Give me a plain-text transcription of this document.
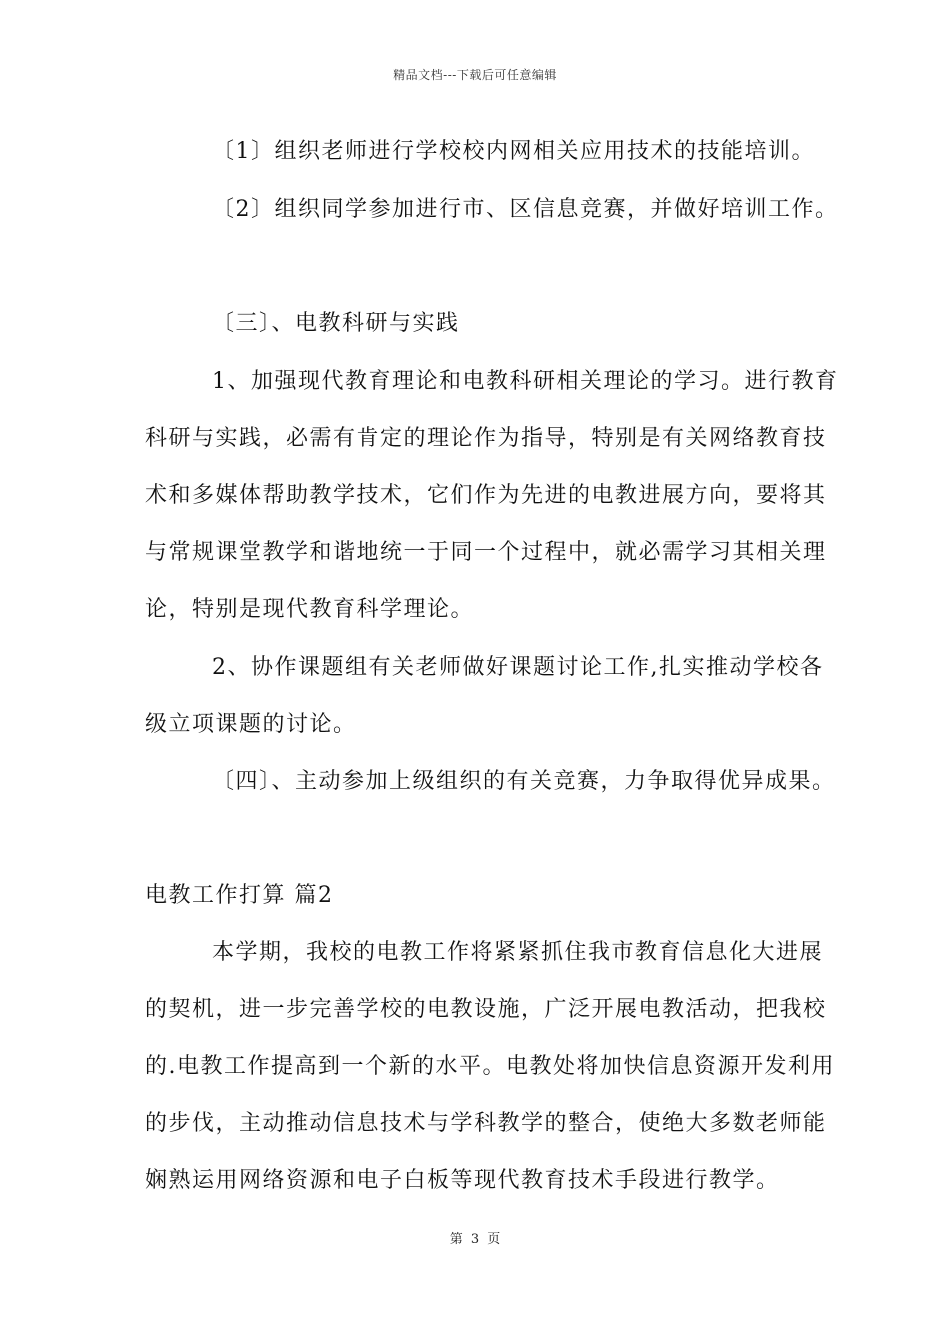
精品文档---下载后可任意编辑
〔1〕组织老师进行学校校内网相关应用技术的技能培训。
〔2〕组织同学参加进行市、区信息竞赛，并做好培训工作。
〔三〕、电教科研与实践
1、加强现代教育理论和电教科研相关理论的学习。进行教育
科研与实践，必需有肯定的理论作为指导，特别是有关网络教育技
术和多媒体帮助教学技术，它们作为先进的电教进展方向，要将其
与常规课堂教学和谐地统一于同一个过程中，就必需学习其相关理
论，特别是现代教育科学理论。
2、协作课题组有关老师做好课题讨论工作,扎实推动学校各
级立项课题的讨论。
〔四〕、主动参加上级组织的有关竞赛，力争取得优异成果。
电教工作打算 篇2
本学期，我校的电教工作将紧紧抓住我市教育信息化大进展
的契机，进一步完善学校的电教设施，广泛开展电教活动，把我校
的.电教工作提高到一个新的水平。电教处将加快信息资源开发利用
的步伐，主动推动信息技术与学科教学的整合，使绝大多数老师能
娴熟运用网络资源和电子白板等现代教育技术手段进行教学。
第 3 页
